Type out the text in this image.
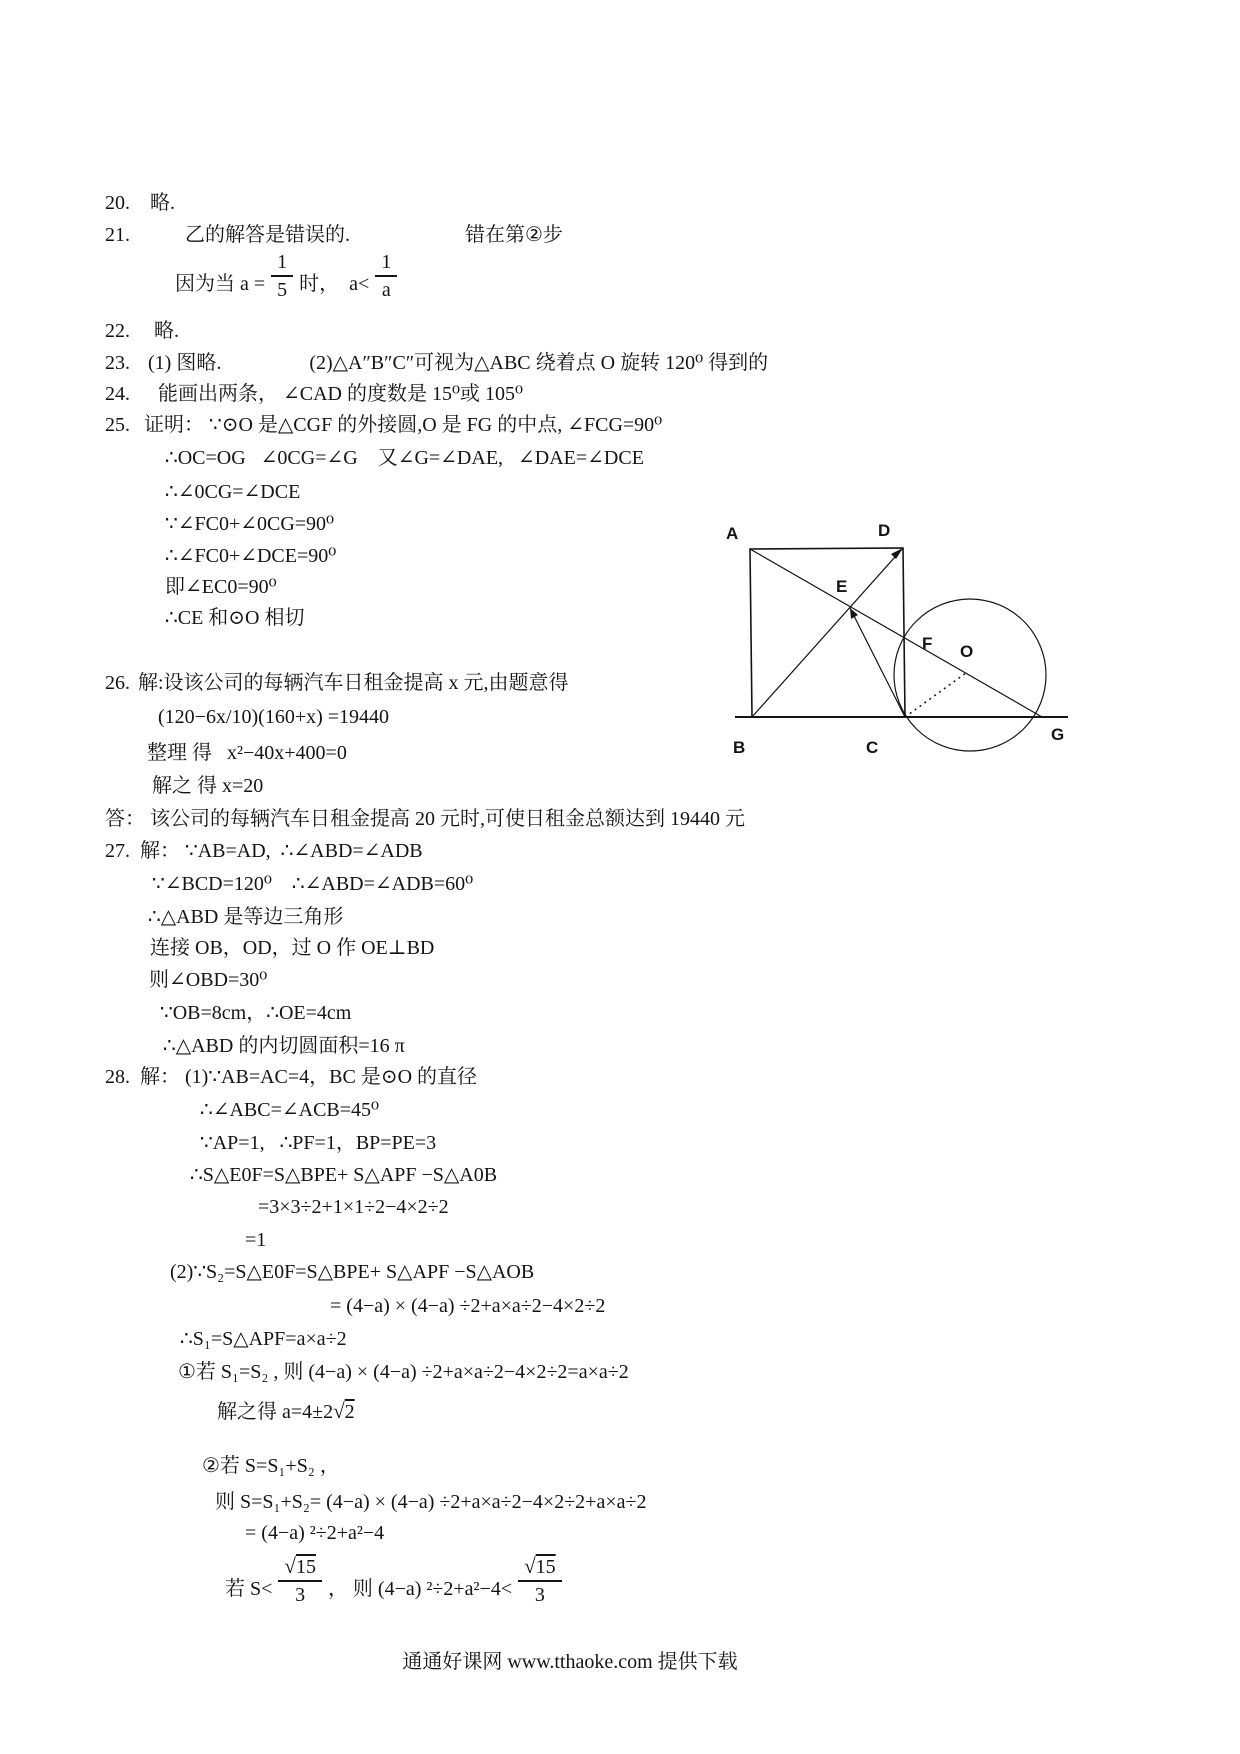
20. 略.
21.	乙的解答是错误的.	错在第②步
因为当 $a = \frac{1}{5}$ 时，  $a< \frac{1}{a}$
22. 略.
23. (1) 图略.	(2)△A″B″C″可视为△ABC 绕着点 O 旋转 120⁰ 得到的
24. 能画出两条， ∠CAD 的度数是 15⁰或 105⁰
25. 证明： ∵⊙O 是△CGF 的外接圆,O 是 FG 的中点, ∠FCG=90⁰
∴OC=OG   ∠0CG=∠G    又∠G=∠DAE,   ∠DAE=∠DCE
∴∠0CG=∠DCE
∵∠FC0+∠0CG=90⁰
∴∠FC0+∠DCE=90⁰
即∠EC0=90⁰
∴CE 和⊙O 相切
A	D
E
F O
B	C
G
26. 解:设该公司的每辆汽车日租金提高 x 元,由题意得
(120−6x/10)(160+x) =19440
整理 得   x²−40x+400=0
解之 得 x=20
答： 该公司的每辆汽车日租金提高 20 元时,可使日租金总额达到 19440 元
27. 解： ∵AB=AD,  ∴∠ABD=∠ADB
∵∠BCD=120⁰    ∴∠ABD=∠ADB=60⁰
∴△ABD 是等边三角形
连接 OB，OD，过 O 作 OE⊥BD
则∠OBD=30⁰
∵OB=8cm，∴OE=4cm
∴△ABD 的内切圆面积=16 π
28. 解： (1)∵AB=AC=4，BC 是⊙O 的直径
∴∠ABC=∠ACB=45⁰
∵AP=1,   ∴PF=1，BP=PE=3
∴S△E0F=S△BPE+ S△APF −S△A0B
=3×3÷2+1×1÷2−4×2÷2
=1
(2)∵S₂=S△E0F=S△BPE+ S△APF −S△AOB
= (4−a) × (4−a) ÷2+a×a÷2−4×2÷2
∴S₁=S△APF=a×a÷2
①若 S₁=S₂ , 则 (4−a) × (4−a) ÷2+a×a÷2−4×2÷2=a×a÷2
解之得 a=4±2√2
②若 S=S₁+S₂ ，
则 S=S₁+S₂= (4−a) × (4−a) ÷2+a×a÷2−4×2÷2+a×a÷2
= (4−a) ²÷2+a²−4
若 $S< \frac{√15}{3}$ ， 则 (4−a) $^2\div 2+a^2-4< \frac{√15}{3}$
通通好课网 www.tthaoke.com 提供下载
